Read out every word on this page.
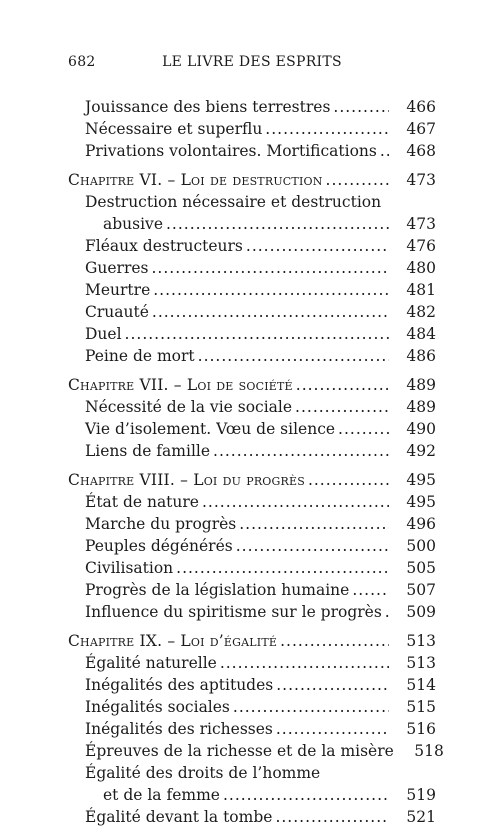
682	LE LIVRE DES ESPRITS
Jouissance des biens terrestres .....	466
Nécessaire et superflu .....	467
Privations volontaires. Mortifications .....	468
Chapitre VI. – Loi de destruction .....	473
Destruction nécessaire et destruction
abusive .....	473
Fléaux destructeurs .....	476
Guerres .....	480
Meurtre .....	481
Cruauté .....	482
Duel .....	484
Peine de mort .....	486
Chapitre VII. – Loi de société .....	489
Nécessité de la vie sociale .....	489
Vie d’isolement. Vœu de silence .....	490
Liens de famille .....	492
Chapitre VIII. – Loi du progrès .....	495
État de nature .....	495
Marche du progrès .....	496
Peuples dégénérés .....	500
Civilisation .....	505
Progrès de la législation humaine .....	507
Influence du spiritisme sur le progrès .....	509
Chapitre IX. – Loi d’égalité .....	513
Égalité naturelle .....	513
Inégalités des aptitudes .....	514
Inégalités sociales .....	515
Inégalités des richesses .....	516
Épreuves de la richesse et de la misère	518
Égalité des droits de l’homme
et de la femme .....	519
Égalité devant la tombe .....	521
